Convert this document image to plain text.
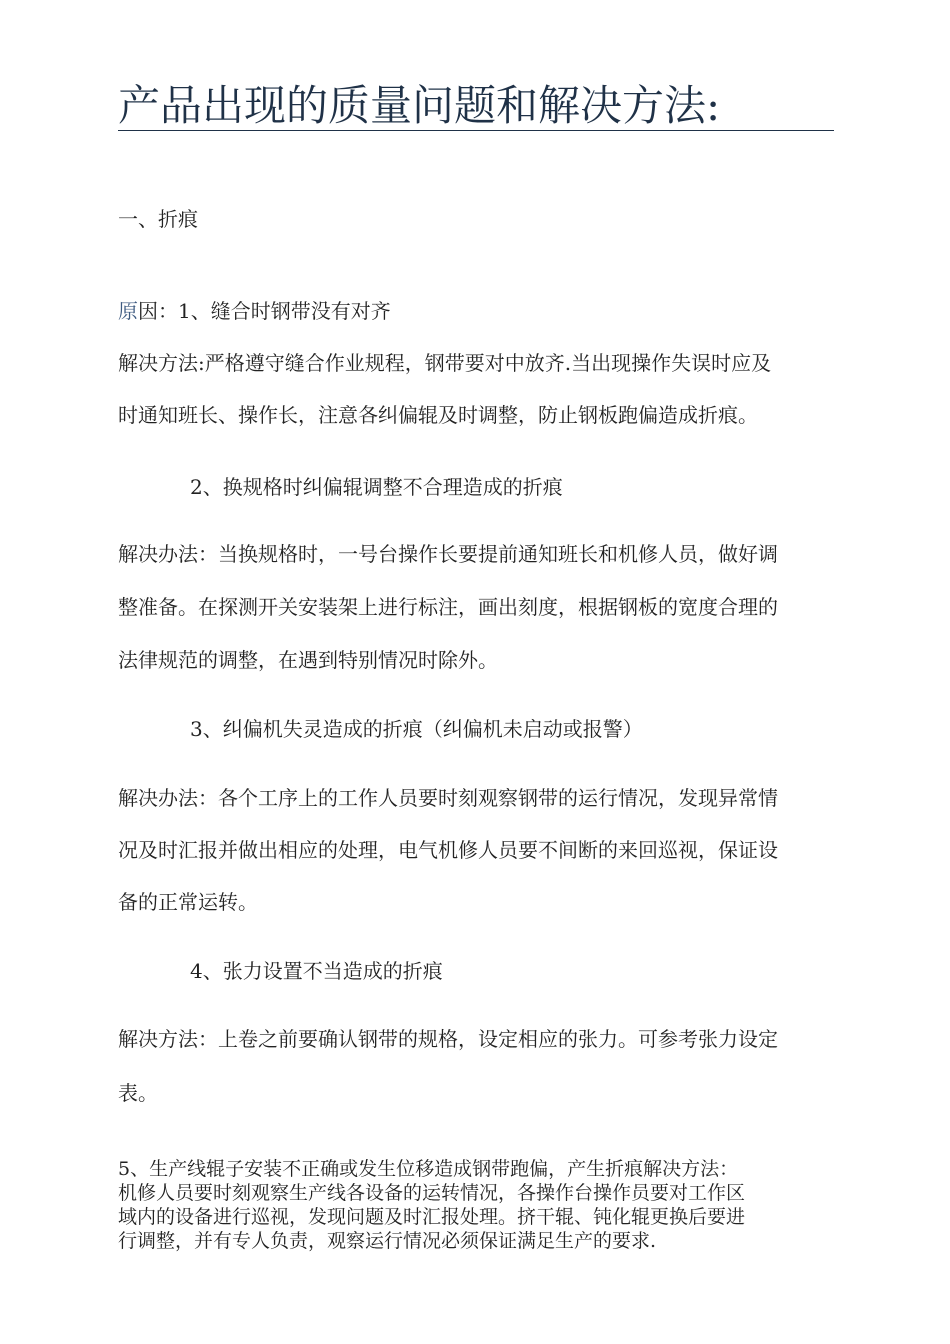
产品出现的质量问题和解决方法:
一、折痕
原因：1、缝合时钢带没有对齐
解决方法:严格遵守缝合作业规程，钢带要对中放齐.当出现操作失误时应及
时通知班长、操作长，注意各纠偏辊及时调整，防止钢板跑偏造成折痕。
2、换规格时纠偏辊调整不合理造成的折痕
解决办法：当换规格时，一号台操作长要提前通知班长和机修人员，做好调
整准备。在探测开关安装架上进行标注，画出刻度，根据钢板的宽度合理的
法律规范的调整，在遇到特别情况时除外。
3、纠偏机失灵造成的折痕（纠偏机未启动或报警）
解决办法：各个工序上的工作人员要时刻观察钢带的运行情况，发现异常情
况及时汇报并做出相应的处理，电气机修人员要不间断的来回巡视，保证设
备的正常运转。
4、张力设置不当造成的折痕
解决方法：上卷之前要确认钢带的规格，设定相应的张力。可参考张力设定
表。
5、生产线辊子安装不正确或发生位移造成钢带跑偏，产生折痕解决方法：
机修人员要时刻观察生产线各设备的运转情况，各操作台操作员要对工作区
域内的设备进行巡视，发现问题及时汇报处理。挤干辊、钝化辊更换后要进
行调整，并有专人负责，观察运行情况必须保证满足生产的要求.
